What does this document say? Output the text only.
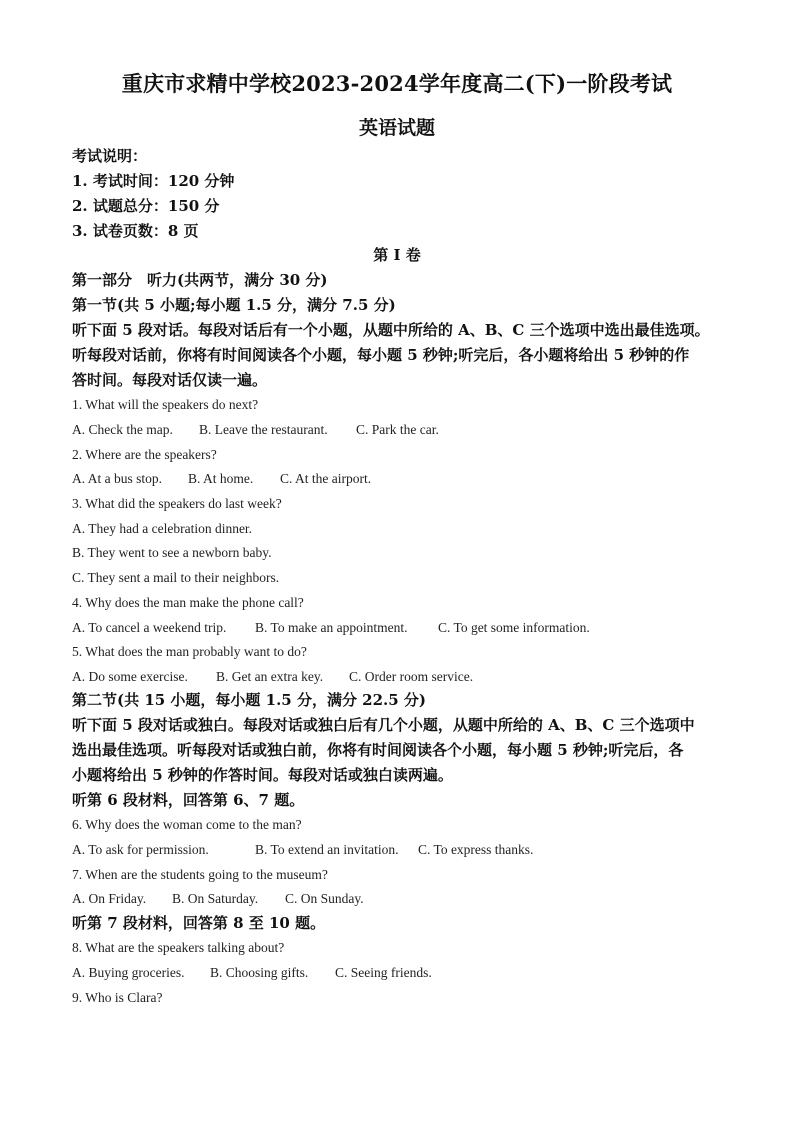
重庆市求精中学校2023-2024学年度高二(下)一阶段考试
英语试题
考试说明：
1. 考试时间：120 分钟
2. 试题总分：150 分
3. 试卷页数：8 页
第 I 卷
第一部分　听力(共两节，满分 30 分)
第一节(共 5 小题;每小题 1.5 分，满分 7.5 分)
听下面 5 段对话。每段对话后有一个小题，从题中所给的 A、B、C 三个选项中选出最佳选项。
听每段对话前，你将有时间阅读各个小题，每小题 5 秒钟;听完后，各小题将给出 5 秒钟的作
答时间。每段对话仅读一遍。
1. What will the speakers do next?
A. Check the map. B. Leave the restaurant. C. Park the car.
2. Where are the speakers?
A. At a bus stop. B. At home. C. At the airport.
3. What did the speakers do last week?
A. They had a celebration dinner.
B. They went to see a newborn baby.
C. They sent a mail to their neighbors.
4. Why does the man make the phone call?
A. To cancel a weekend trip. B. To make an appointment. C. To get some information.
5. What does the man probably want to do?
A. Do some exercise. B. Get an extra key. C. Order room service.
第二节(共 15 小题，每小题 1.5 分，满分 22.5 分)
听下面 5 段对话或独白。每段对话或独白后有几个小题，从题中所给的 A、B、C 三个选项中
选出最佳选项。听每段对话或独白前，你将有时间阅读各个小题，每小题 5 秒钟;听完后，各
小题将给出 5 秒钟的作答时间。每段对话或独白读两遍。
听第 6 段材料，回答第 6、7 题。
6. Why does the woman come to the man?
A. To ask for permission.	B. To extend an invitation. C. To express thanks.
7. When are the students going to the museum?
A. On Friday. B. On Saturday. C. On Sunday.
听第 7 段材料，回答第 8 至 10 题。
8. What are the speakers talking about?
A. Buying groceries. B. Choosing gifts. C. Seeing friends.
9. Who is Clara?
